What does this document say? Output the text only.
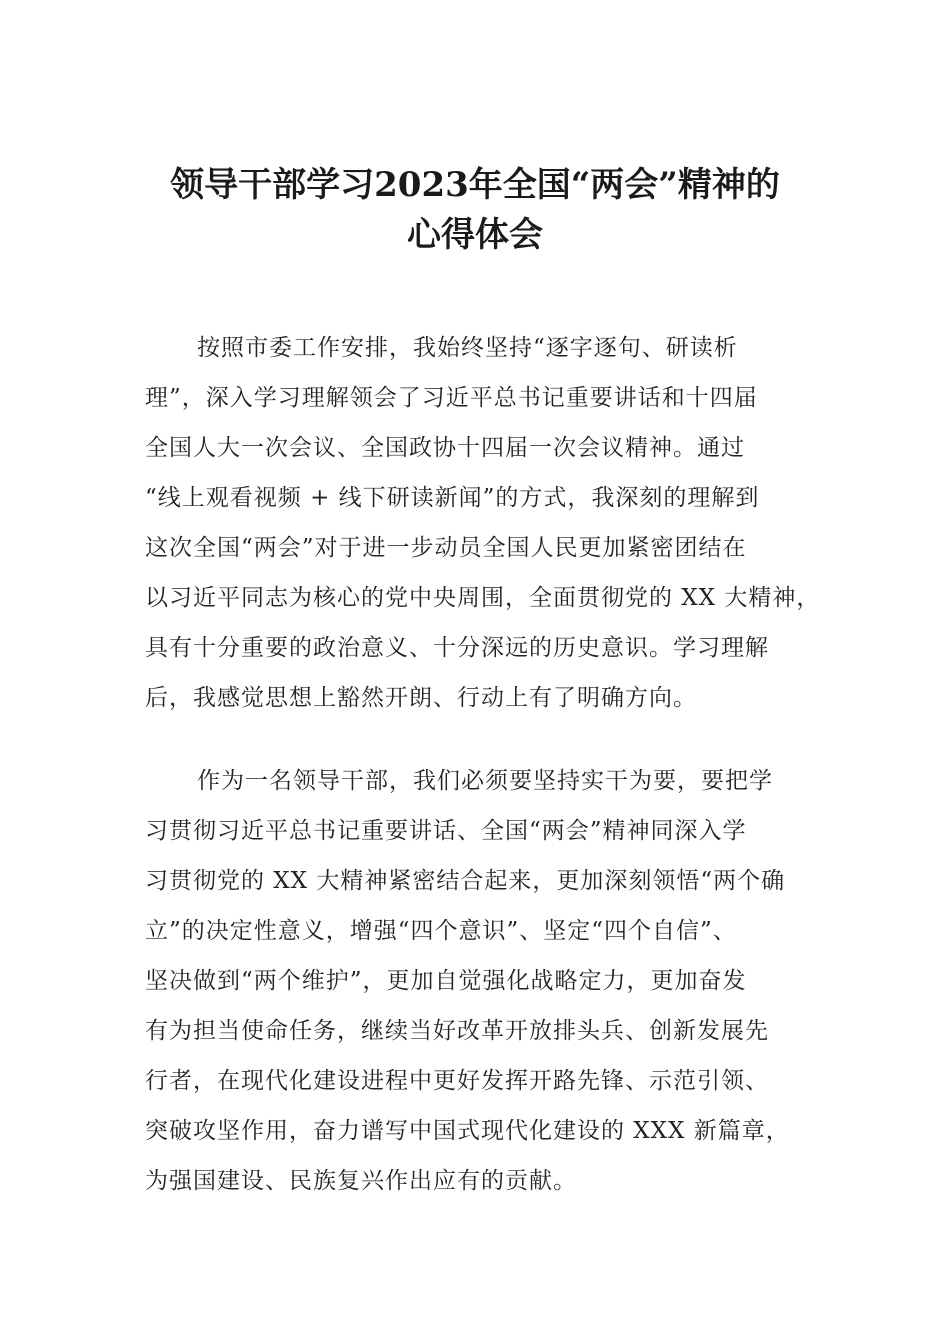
领导干部学习2023年全国“两会”精神的
心得体会
按照市委工作安排，我始终坚持“逐字逐句、研读析
理”，深入学习理解领会了习近平总书记重要讲话和十四届
全国人大一次会议、全国政协十四届一次会议精神。通过
“线上观看视频 + 线下研读新闻”的方式，我深刻的理解到
这次全国“两会”对于进一步动员全国人民更加紧密团结在
以习近平同志为核心的党中央周围，全面贯彻党的 XX 大精神，
具有十分重要的政治意义、十分深远的历史意识。学习理解
后，我感觉思想上豁然开朗、行动上有了明确方向。
作为一名领导干部，我们必须要坚持实干为要，要把学
习贯彻习近平总书记重要讲话、全国“两会”精神同深入学
习贯彻党的 XX 大精神紧密结合起来，更加深刻领悟“两个确
立”的决定性意义，增强“四个意识”、坚定“四个自信”、
坚决做到“两个维护”，更加自觉强化战略定力，更加奋发
有为担当使命任务，继续当好改革开放排头兵、创新发展先
行者，在现代化建设进程中更好发挥开路先锋、示范引领、
突破攻坚作用，奋力谱写中国式现代化建设的 XXX 新篇章，
为强国建设、民族复兴作出应有的贡献。
